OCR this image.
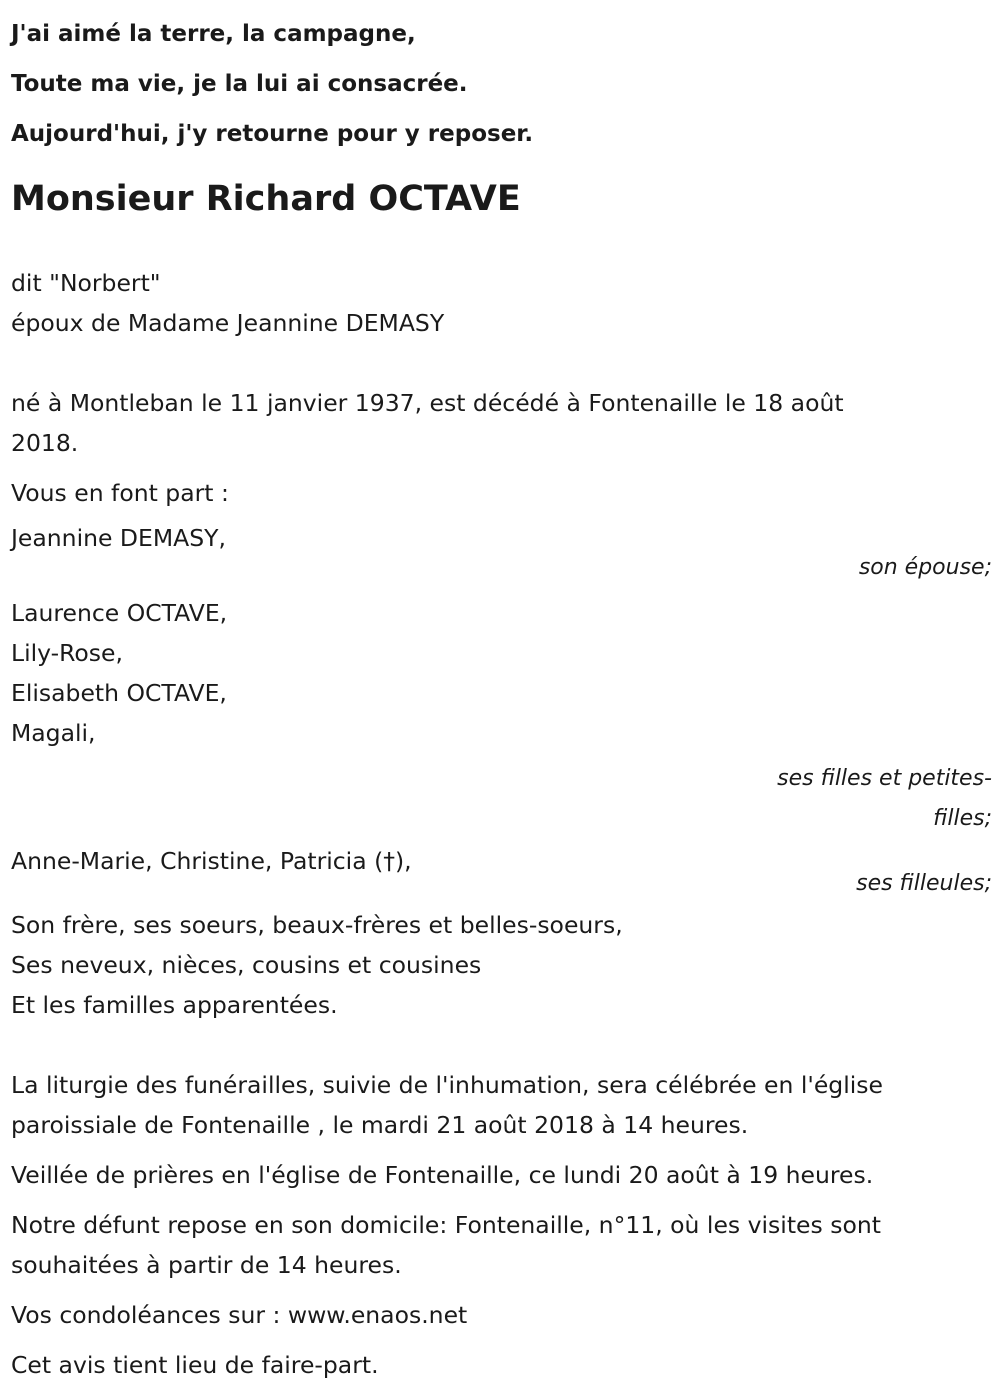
J'ai aimé la terre, la campagne,
Toute ma vie, je la lui ai consacrée.
Aujourd'hui, j'y retourne pour y reposer.
Monsieur Richard OCTAVE

dit "Norbert"

époux de Madame Jeannine DEMASY

né à Montleban le 11 janvier 1937, est décédé à Fontenaille le 18 août

2018.

Vous en font part :

Jeannine DEMASY,

son épouse;

Laurence OCTAVE,

Lily-Rose,

Elisabeth OCTAVE,

Magali,

ses filles et petites-

filles;

Anne-Marie, Christine, Patricia (†),

ses filleules;

Son frère, ses soeurs, beaux-frères et belles-soeurs,

Ses neveux, nièces, cousins et cousines

Et les familles apparentées.

La liturgie des funérailles, suivie de l'inhumation, sera célébrée en l'église

paroissiale de Fontenaille , le mardi 21 août 2018 à 14 heures.

Veillée de prières en l'église de Fontenaille, ce lundi 20 août à 19 heures.

Notre défunt repose en son domicile: Fontenaille, n°11, où les visites sont

souhaitées à partir de 14 heures.

Vos condoléances sur : www.enaos.net

Cet avis tient lieu de faire-part.
